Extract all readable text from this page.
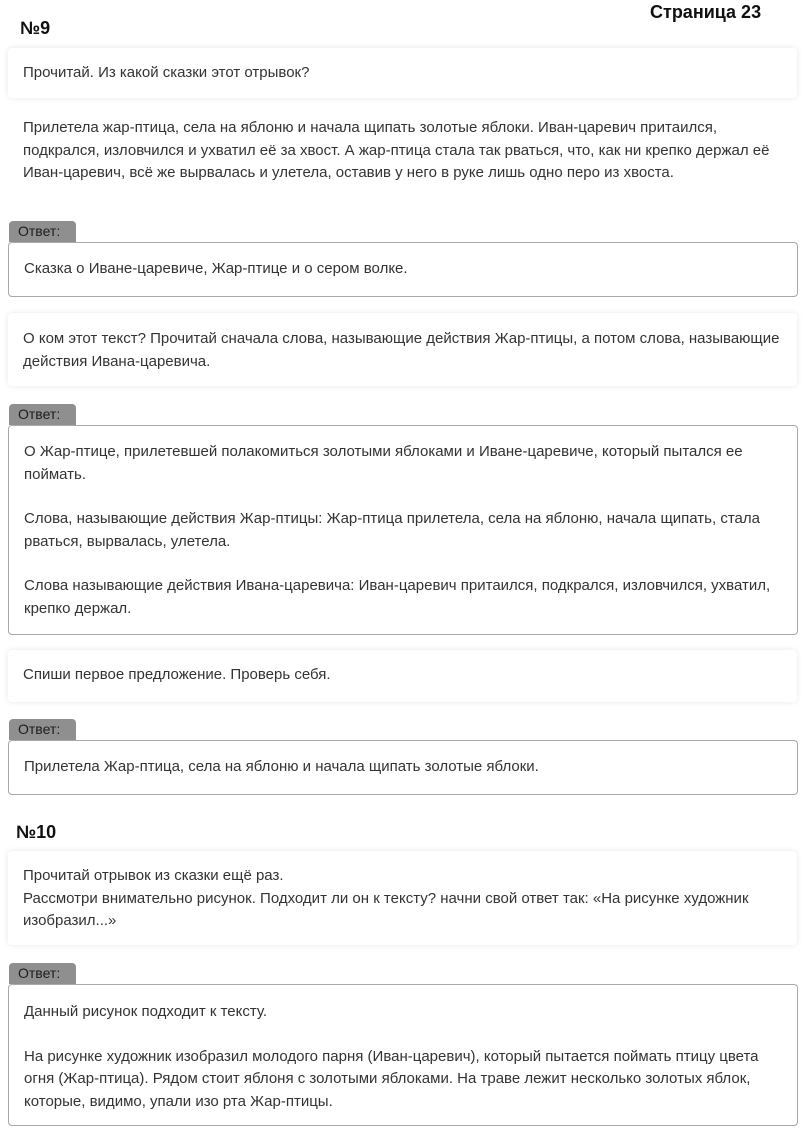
Страница 23
№9

Прочитай. Из какой сказки этот отрывок?

Прилетела жар-птица, села на яблоню и начала щипать золотые яблоки. Иван-царевич притаился, подкрался, изловчился и ухватил её за хвост. А жар-птица стала так рваться, что, как ни крепко держал её Иван-царевич, всё же вырвалась и улетела, оставив у него в руке лишь одно перо из хвоста.

Ответ:

Сказка о Иване-царевиче, Жар-птице и о сером волке.

О ком этот текст? Прочитай сначала слова, называющие действия Жар-птицы, а потом слова, называющие действия Ивана-царевича.

Ответ:

О Жар-птице, прилетевшей полакомиться золотыми яблоками и Иване-царевиче, который пытался ее поймать.

Слова, называющие действия Жар-птицы: Жар-птица прилетела, села на яблоню, начала щипать, стала рваться, вырвалась, улетела.

Слова называющие действия Ивана-царевича: Иван-царевич притаился, подкрался, изловчился, ухватил, крепко держал.

Спиши первое предложение. Проверь себя.

Ответ:

Прилетела Жар-птица, села на яблоню и начала щипать золотые яблоки.

№10

Прочитай отрывок из сказки ещё раз.

Рассмотри внимательно рисунок. Подходит ли он к тексту? начни свой ответ так: «На рисунке художник изобразил...»

Ответ:

Данный рисунок подходит к тексту.

На рисунке художник изобразил молодого парня (Иван-царевич), который пытается поймать птицу цвета огня (Жар-птица). Рядом стоит яблоня с золотыми яблоками. На траве лежит несколько золотых яблок, которые, видимо, упали изо рта Жар-птицы.
